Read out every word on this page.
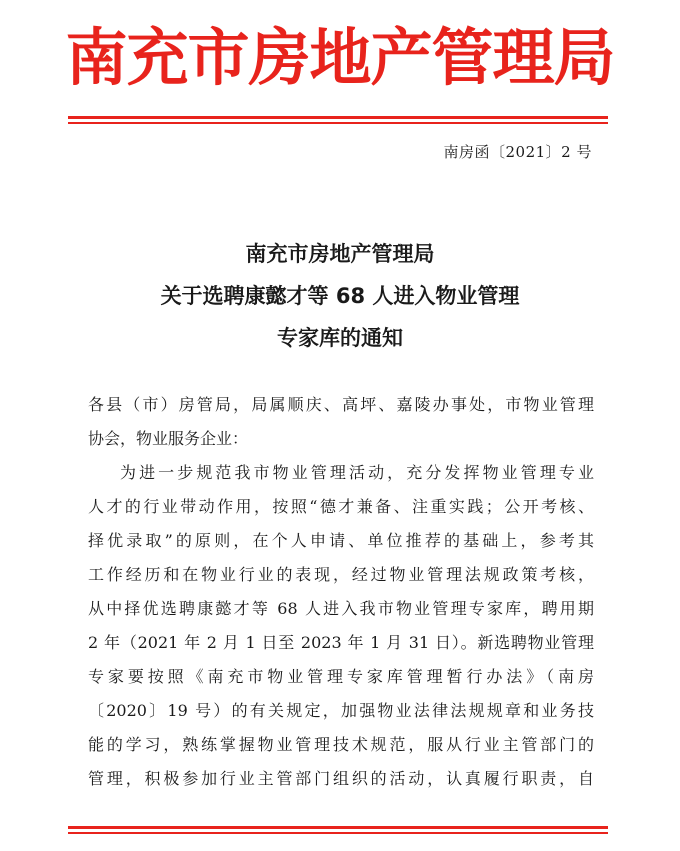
南充市房地产管理局
南房函〔2021〕2 号
南充市房地产管理局
关于选聘康懿才等 68 人进入物业管理
专家库的通知
各县（市）房管局，局属顺庆、高坪、嘉陵办事处，市物业管理
协会，物业服务企业：
为进一步规范我市物业管理活动，充分发挥物业管理专业
人才的行业带动作用，按照“德才兼备、注重实践；公开考核、
择优录取”的原则，在个人申请、单位推荐的基础上，参考其
工作经历和在物业行业的表现，经过物业管理法规政策考核，
从中择优选聘康懿才等 68 人进入我市物业管理专家库，聘用期
2 年（2021 年 2 月 1 日至 2023 年 1 月 31 日）。新选聘物业管理
专家要按照《南充市物业管理专家库管理暂行办法》（南房
〔2020〕19 号）的有关规定，加强物业法律法规规章和业务技
能的学习，熟练掌握物业管理技术规范，服从行业主管部门的
管理，积极参加行业主管部门组织的活动，认真履行职责，自
